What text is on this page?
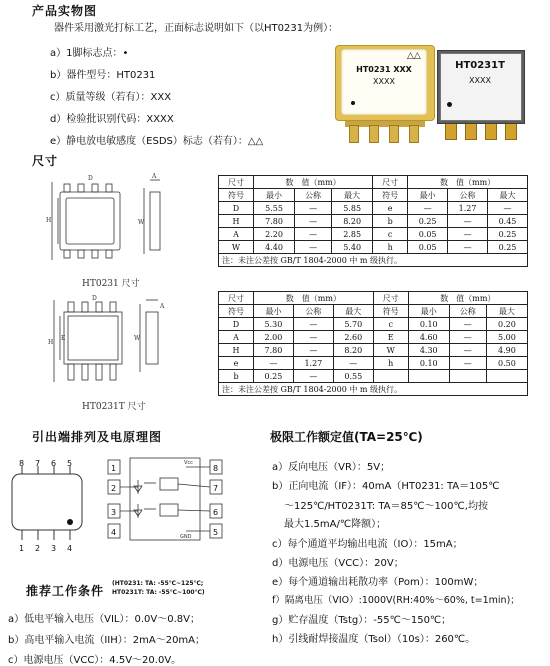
产品实物图
器件采用激光打标工艺，正面标志说明如下（以HT0231为例）：
a）1脚标志点：•
b）器件型号：HT0231
c）质量等级（若有）：XXX
d）检验批识别代码：XXXX
e）静电放电敏感度（ESDS）标志（若有）：△△
△△
HT0231 XXX
XXXX
HT0231T
XXXX
尺寸
H
D
W
A
HT0231 尺寸
H
E
D
W
A
HT0231T 尺寸
尺寸	数　值（mm）			尺寸	数　值（mm）		
符号	最小	公称	最大	符号	最小	公称	最大
D	5.55	—	5.85	e	—	1.27	—
H	7.80	—	8.20	b	0.25	—	0.45
A	2.20	—	2.85	c	0.05	—	0.25
W	4.40	—	5.40	h	0.05	—	0.25
注：未注公差按 GB/T 1804-2000 中 m 级执行。							
尺寸	数　值（mm）			尺寸	数　值（mm）		
符号	最小	公称	最大	符号	最小	公称	最大
D	5.30	—	5.70	c	0.10	—	0.20
A	2.00	—	2.60	E	4.60	—	5.00
H	7.80	—	8.20	W	4.30	—	4.90
e	—	1.27	—	h	0.10	—	0.50
b	0.25	—	0.55				
注：未注公差按 GB/T 1804-2000 中 m 级执行。							
引出端排列及电原理图
8 7 6 5
1 2 3 4
Vcc
GND
1
2
3
4
8
7
6
5
推荐工作条件
(HT0231: TA: -55℃~125℃;
HT0231T: TA: -55℃~100℃)
a）低电平输入电压（VIL）：0.0V～0.8V；
b）高电平输入电流（IIH）：2mA～20mA；
c）电源电压（VCC）：4.5V～20.0V。
极限工作额定值(TA=25℃)
a）反向电压（VR）：5V；
b）正向电流（IF）：40mA（HT0231: TA＝105℃
～125℃/HT0231T: TA＝85℃～100℃,均按
最大1.5mA/℃降额）；
c）每个通道平均输出电流（IO）：15mA；
d）电源电压（VCC）：20V；
e）每个通道输出耗散功率（Pom）：100mW；
f）隔离电压（VIO）:1000V(RH:40%～60%, t=1min)；
g）贮存温度（Tstg）：-55℃～150℃；
h）引线耐焊接温度（Tsol）（10s）：260℃。
